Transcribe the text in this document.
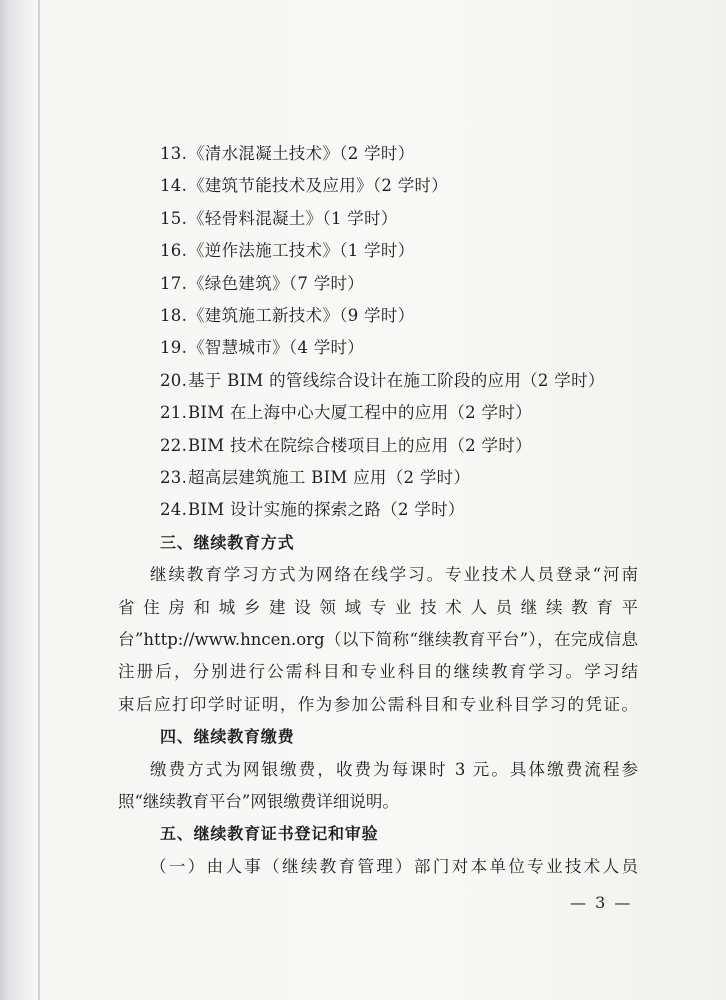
13.《清水混凝土技术》（2 学时）
14.《建筑节能技术及应用》（2 学时）
15.《轻骨料混凝土》（1 学时）
16.《逆作法施工技术》（1 学时）
17.《绿色建筑》（7 学时）
18.《建筑施工新技术》（9 学时）
19.《智慧城市》（4 学时）
20.基于 BIM 的管线综合设计在施工阶段的应用（2 学时）
21.BIM 在上海中心大厦工程中的应用（2 学时）
22.BIM 技术在院综合楼项目上的应用（2 学时）
23.超高层建筑施工 BIM 应用（2 学时）
24.BIM 设计实施的探索之路（2 学时）
三、继续教育方式
继续教育学习方式为网络在线学习。专业技术人员登录“河南
省住房和城乡建设领域专业技术人员继续教育平
台”http://www.hncen.org（以下简称“继续教育平台”），在完成信息
注册后，分别进行公需科目和专业科目的继续教育学习。学习结
束后应打印学时证明，作为参加公需科目和专业科目学习的凭证。
四、继续教育缴费
缴费方式为网银缴费，收费为每课时 3 元。具体缴费流程参
照“继续教育平台”网银缴费详细说明。
五、继续教育证书登记和审验
（一）由人事（继续教育管理）部门对本单位专业技术人员
— 3 —
